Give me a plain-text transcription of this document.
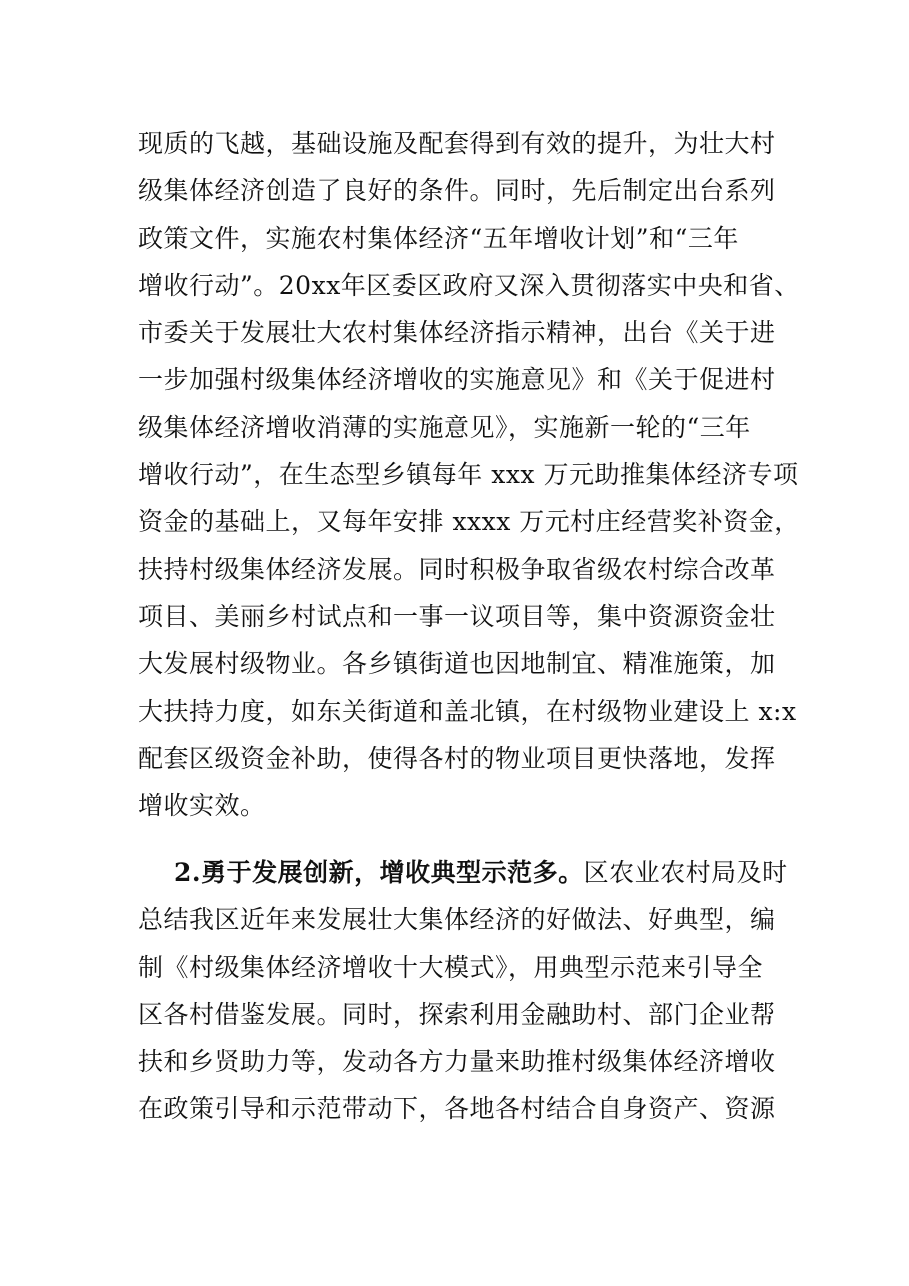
现质的飞越，基础设施及配套得到有效的提升，为壮大村
级集体经济创造了良好的条件。同时，先后制定出台系列
政策文件，实施农村集体经济“五年增收计划”和“三年
增收行动”。20xx年区委区政府又深入贯彻落实中央和省、
市委关于发展壮大农村集体经济指示精神，出台《关于进
一步加强村级集体经济增收的实施意见》和《关于促进村
级集体经济增收消薄的实施意见》，实施新一轮的“三年
增收行动”，在生态型乡镇每年 xxx 万元助推集体经济专项
资金的基础上，又每年安排 xxxx 万元村庄经营奖补资金，
扶持村级集体经济发展。同时积极争取省级农村综合改革
项目、美丽乡村试点和一事一议项目等，集中资源资金壮
大发展村级物业。各乡镇街道也因地制宜、精准施策，加
大扶持力度，如东关街道和盖北镇，在村级物业建设上 x:x
配套区级资金补助，使得各村的物业项目更快落地，发挥
增收实效。
2.勇于发展创新，增收典型示范多。区农业农村局及时
总结我区近年来发展壮大集体经济的好做法、好典型，编
制《村级集体经济增收十大模式》，用典型示范来引导全
区各村借鉴发展。同时，探索利用金融助村、部门企业帮
扶和乡贤助力等，发动各方力量来助推村级集体经济增收
在政策引导和示范带动下，各地各村结合自身资产、资源
